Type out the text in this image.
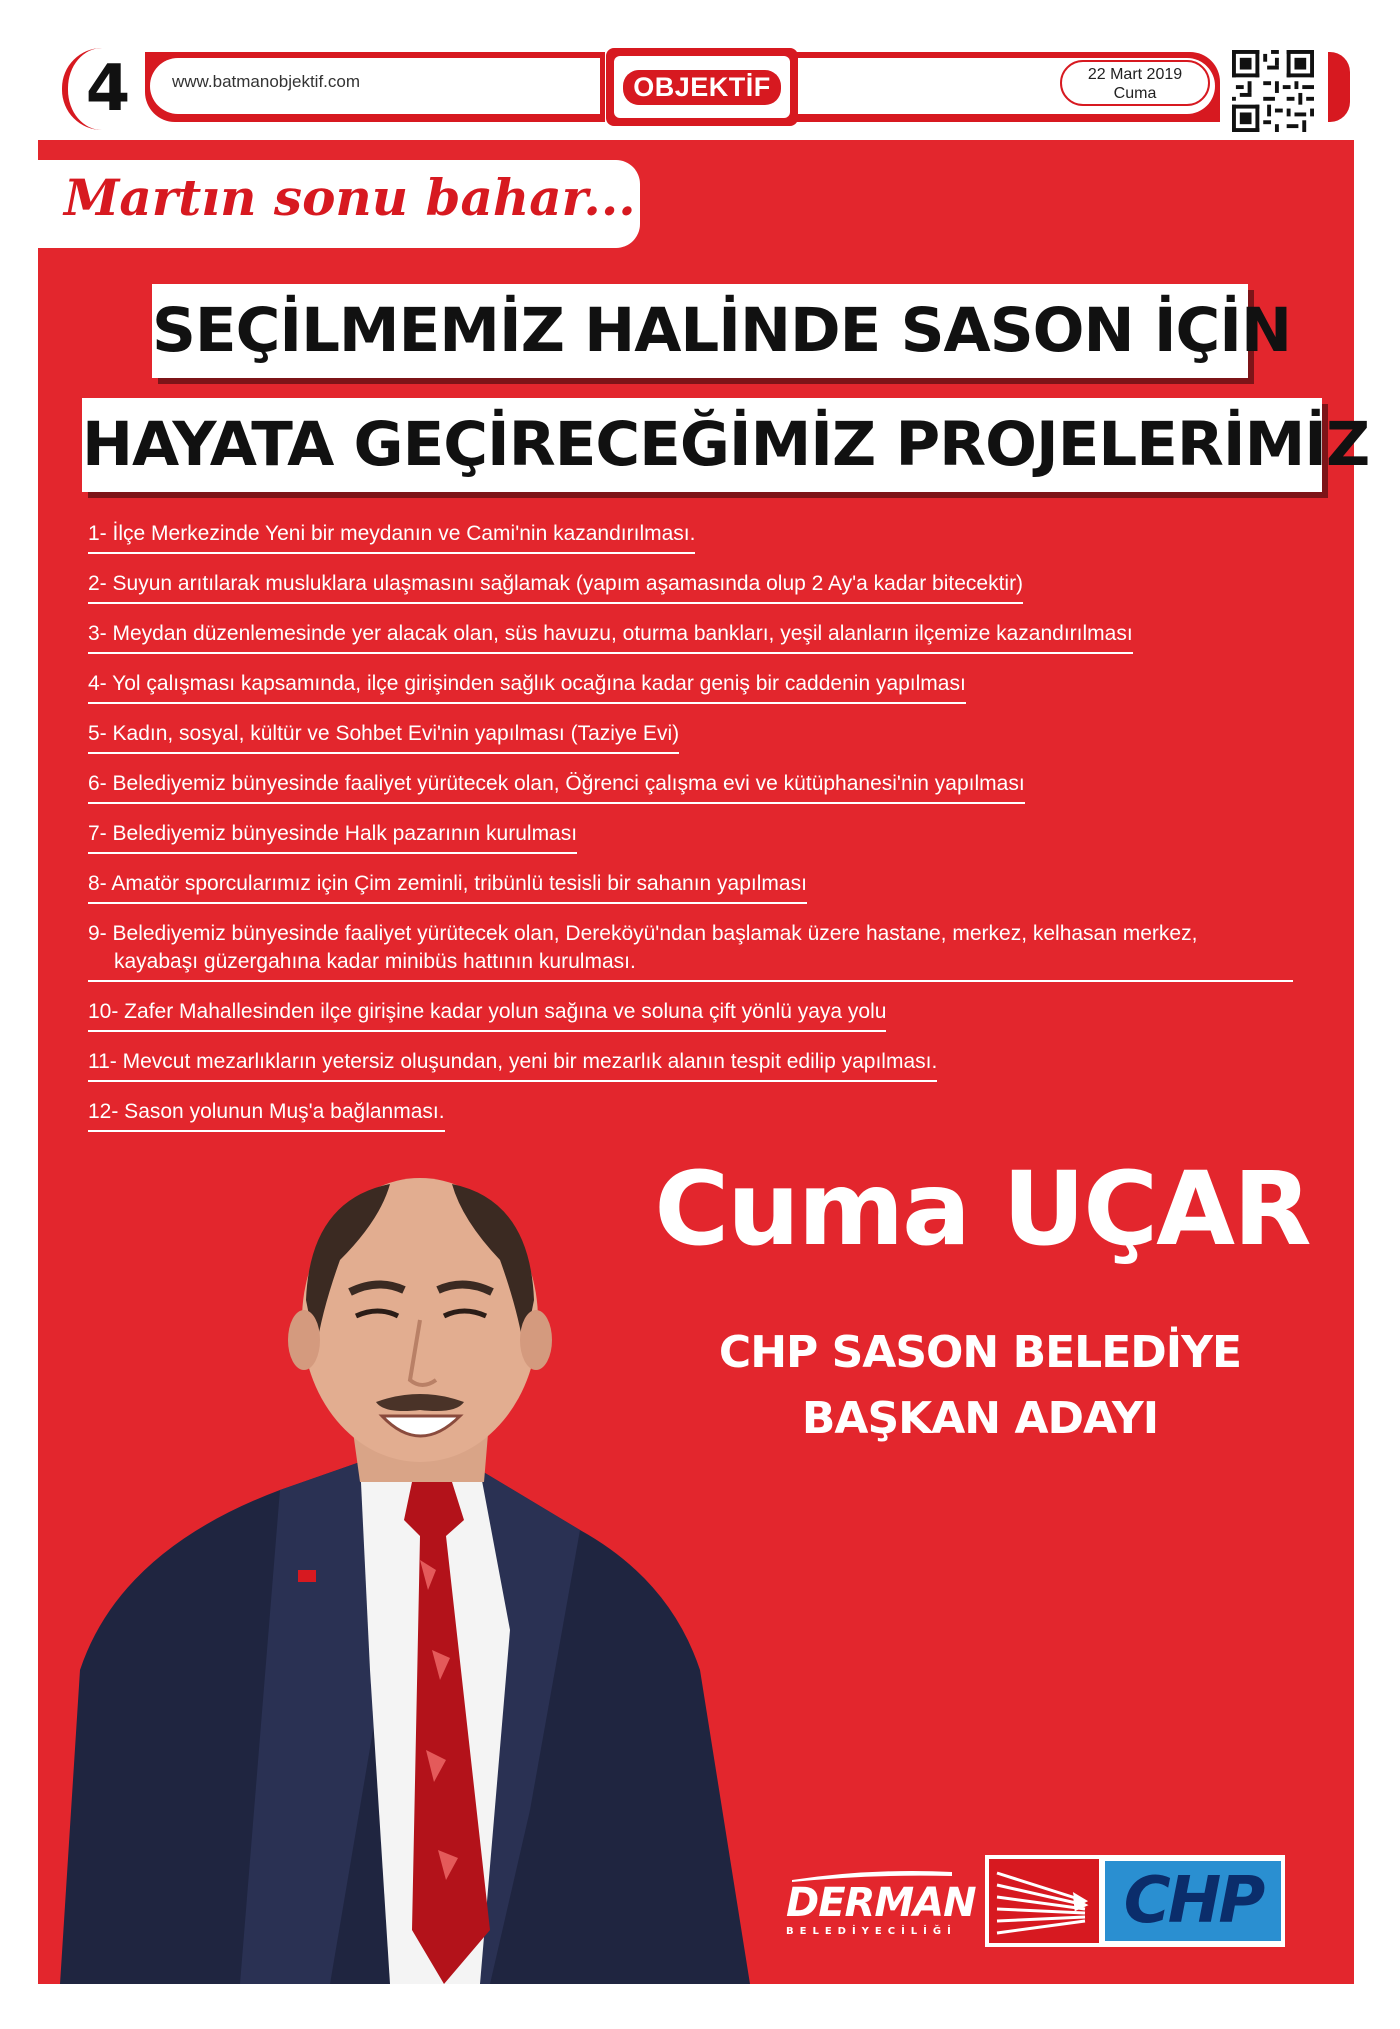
4	www.batmanobjektif.com	OBJEKTİF	22 Mart 2019
Cuma
Martın sonu bahar...
SEÇİLMEMİZ HALİNDE SASON İÇİN
HAYATA GEÇİRECEĞİMİZ PROJELERİMİZ
1- İlçe Merkezinde Yeni bir meydanın ve Cami'nin kazandırılması.
2- Suyun arıtılarak musluklara ulaşmasını sağlamak (yapım aşamasında olup 2 Ay'a kadar bitecektir)
3- Meydan düzenlemesinde yer alacak olan, süs havuzu, oturma bankları, yeşil alanların ilçemize kazandırılması
4- Yol çalışması kapsamında, ilçe girişinden sağlık ocağına kadar geniş bir caddenin yapılması
5- Kadın, sosyal, kültür ve Sohbet Evi'nin yapılması (Taziye Evi)
6- Belediyemiz bünyesinde faaliyet yürütecek olan, Öğrenci çalışma evi ve kütüphanesi'nin yapılması
7- Belediyemiz bünyesinde Halk pazarının kurulması
8- Amatör sporcularımız için Çim zeminli, tribünlü tesisli bir sahanın yapılması
9- Belediyemiz bünyesinde faaliyet yürütecek olan, Dereköyü'ndan başlamak üzere hastane, merkez, kelhasan merkez,
kayabaşı güzergahına kadar minibüs hattının kurulması.
10- Zafer Mahallesinden ilçe girişine kadar yolun sağına ve soluna çift yönlü yaya yolu
11- Mevcut mezarlıkların yetersiz oluşundan, yeni bir mezarlık alanın tespit edilip yapılması.
12- Sason yolunun Muş'a bağlanması.
Cuma UÇAR
CHP SASON BELEDİYE
BAŞKAN ADAYI
DERMAN
BELEDİYECİLİĞİ	CHP
